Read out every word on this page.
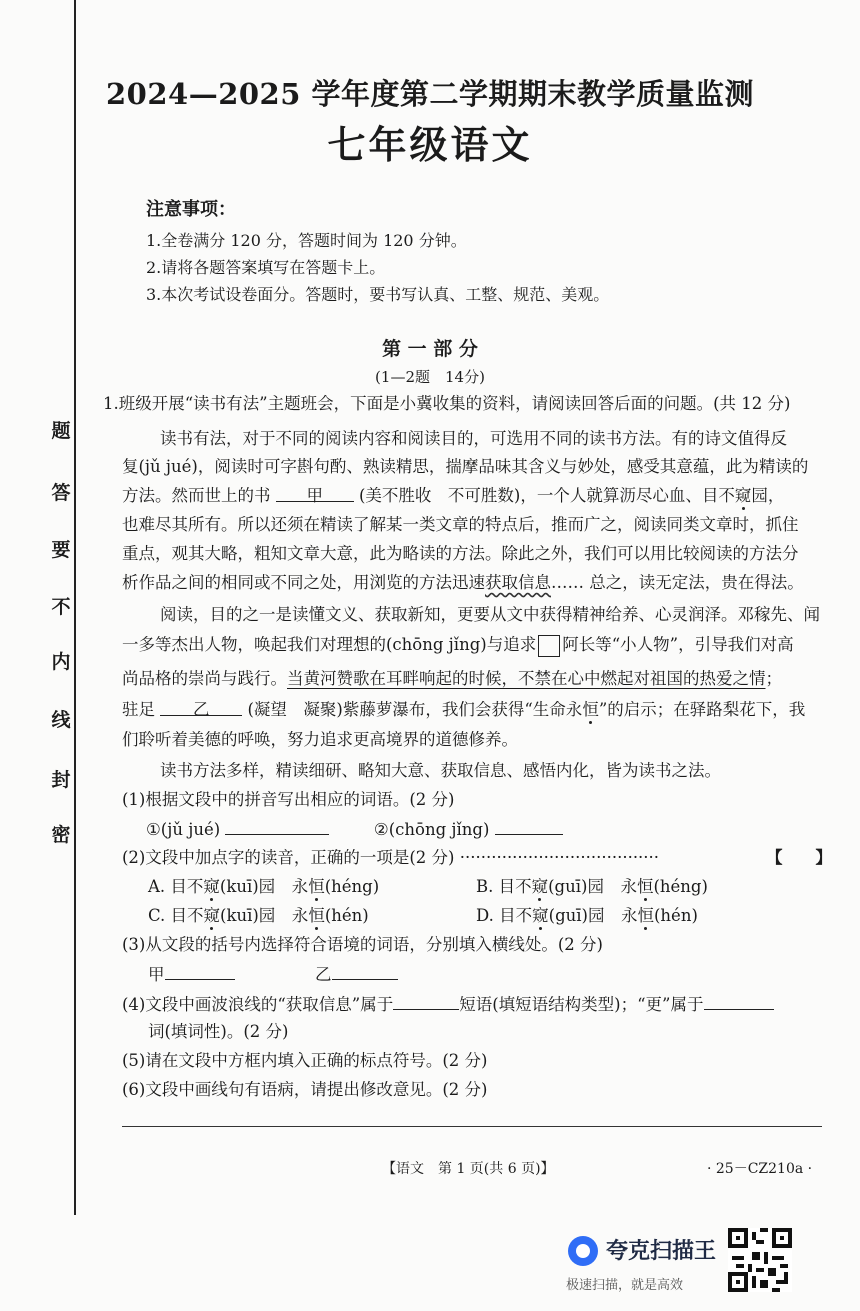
题
答
要
不
内
线
封
密
2024—2025 学年度第二学期期末教学质量监测
七年级语文
注意事项：
1.全卷满分 120 分，答题时间为 120 分钟。
2.请将各题答案填写在答题卡上。
3.本次考试设卷面分。答题时，要书写认真、工整、规范、美观。
第 一 部 分
(1—2题　14分)
1.班级开展“读书有法”主题班会，下面是小冀收集的资料，请阅读回答后面的问题。(共 12 分)
读书有法，对于不同的阅读内容和阅读目的，可选用不同的读书方法。有的诗文值得反
复(jǔ jué)，阅读时可字斟句酌、熟读精思，揣摩品味其含义与妙处，感受其意蕴，此为精读的
方法。然而世上的书 甲 (美不胜收　不可胜数)，一个人就算沥尽心血、目不窥园，
也难尽其所有。所以还须在精读了解某一类文章的特点后，推而广之，阅读同类文章时，抓住
重点，观其大略，粗知文章大意，此为略读的方法。除此之外，我们可以用比较阅读的方法分
析作品之间的相同或不同之处，用浏览的方法迅速获取信息…… 总之，读无定法，贵在得法。
阅读，目的之一是读懂文义、获取新知，更要从文中获得精神给养、心灵润泽。邓稼先、闻
一多等杰出人物，唤起我们对理想的(chōng jǐng)与追求 阿长等“小人物”，引导我们对高
尚品格的崇尚与践行。当黄河赞歌在耳畔响起的时候，不禁在心中燃起对祖国的热爱之情；
驻足 乙 (凝望　凝聚)紫藤萝瀑布，我们会获得“生命永恒”的启示；在驿路梨花下，我
们聆听着美德的呼唤，努力追求更高境界的道德修养。
读书方法多样，精读细研、略知大意、获取信息、感悟内化，皆为读书之法。
(1)根据文段中的拼音写出相应的词语。(2 分)
①(jǔ jué)	②(chōng jǐng)
(2)文段中加点字的读音，正确的一项是(2 分) ······································	【　　】
A. 目不窥(kuī)园　永恒(héng)	B. 目不窥(guī)园　永恒(héng)
C. 目不窥(kuī)园　永恒(hén)	D. 目不窥(guī)园　永恒(hén)
(3)从文段的括号内选择符合语境的词语，分别填入横线处。(2 分)
甲	乙
(4)文段中画波浪线的“获取信息”属于	短语(填短语结构类型)；“更”属于
词(填词性)。(2 分)
(5)请在文段中方框内填入正确的标点符号。(2 分)
(6)文段中画线句有语病，请提出修改意见。(2 分)
【语文　第 1 页(共 6 页)】	· 25－CZ210a ·
夸克扫描王
极速扫描，就是高效
